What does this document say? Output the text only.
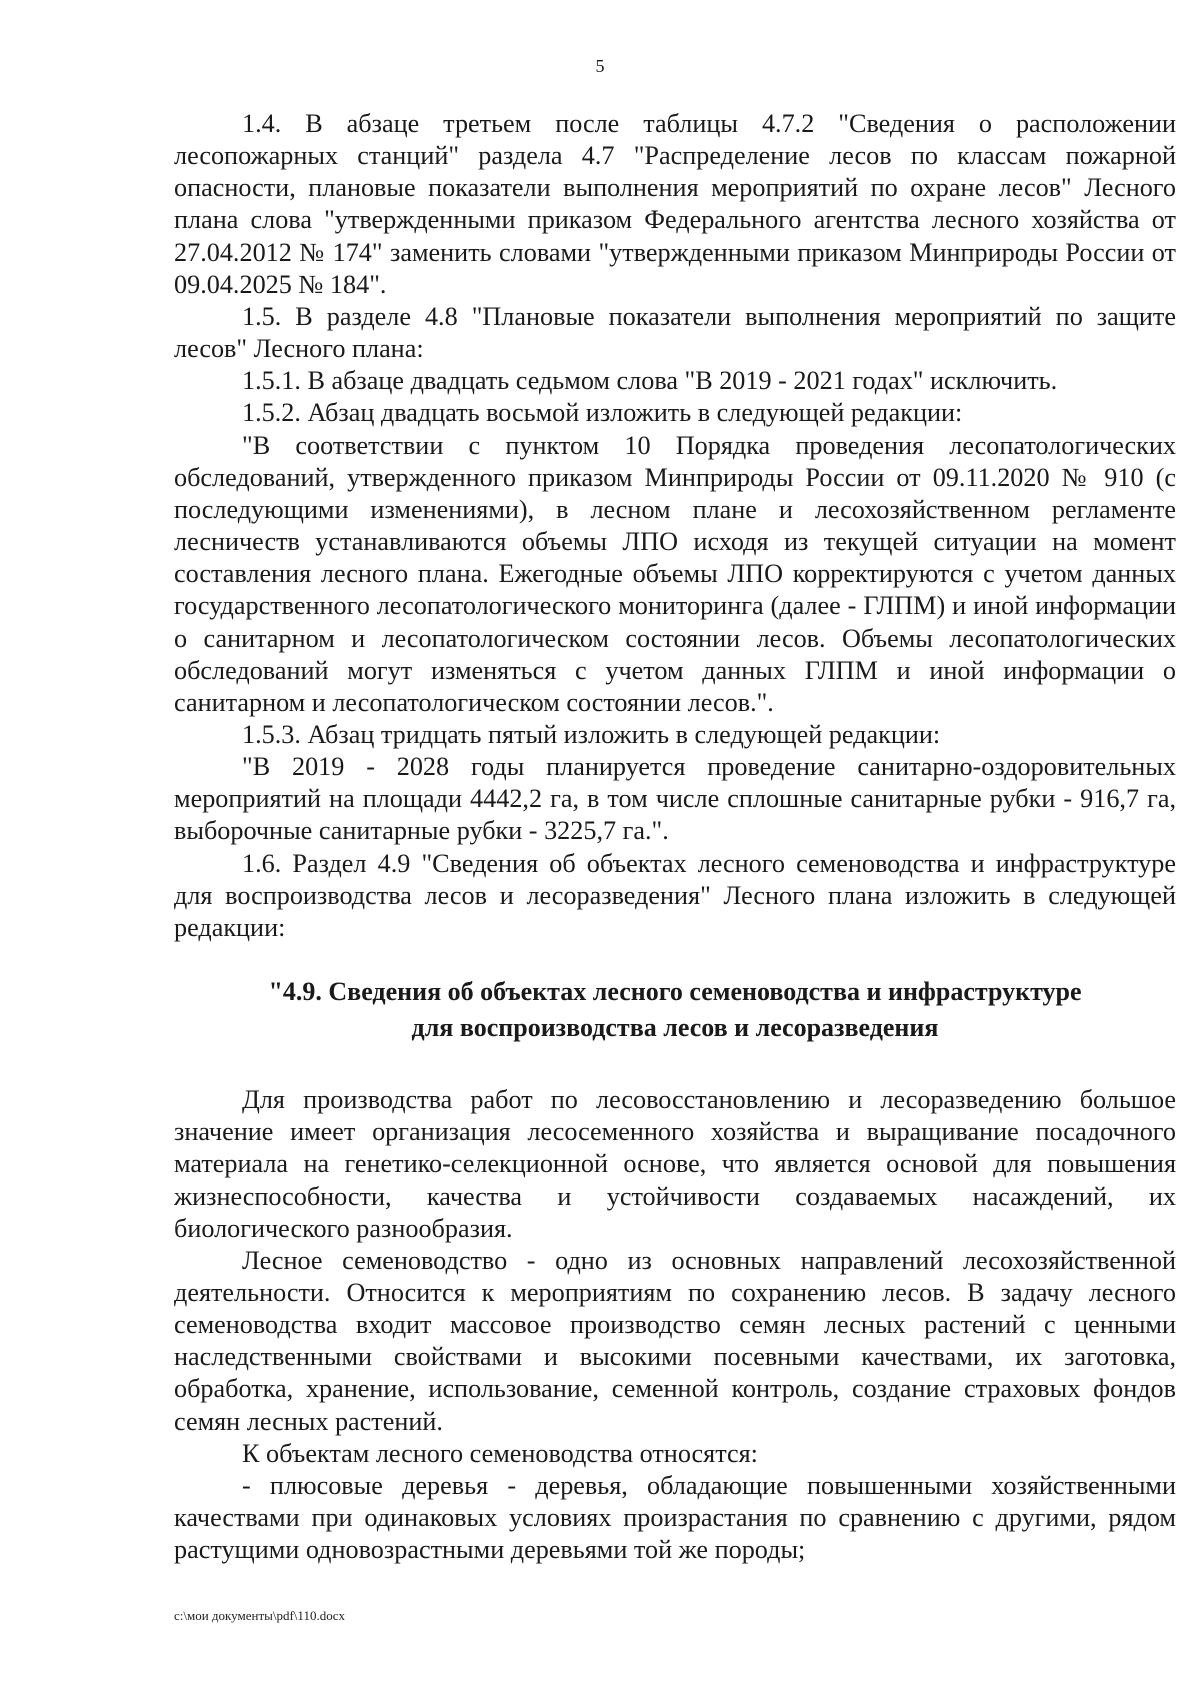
5

1.4. В абзаце третьем после таблицы 4.7.2 "Сведения о расположении лесопожарных станций" раздела 4.7 "Распределение лесов по классам пожарной опасности, плановые показатели выполнения мероприятий по охране лесов" Лесного плана слова "утвержденными приказом Федерального агентства лесного хозяйства от 27.04.2012 № 174" заменить словами "утвержденными приказом Минприроды России от 09.04.2025 № 184".

1.5. В разделе 4.8 "Плановые показатели выполнения мероприятий по защите лесов" Лесного плана:

1.5.1. В абзаце двадцать седьмом слова "В 2019 - 2021 годах" исключить.

1.5.2. Абзац двадцать восьмой изложить в следующей редакции:

"В соответствии с пунктом 10 Порядка проведения лесопатологических обследований, утвержденного приказом Минприроды России от 09.11.2020 № 910 (с последующими изменениями), в лесном плане и лесохозяйственном регламенте лесничеств устанавливаются объемы ЛПО исходя из текущей ситуации на момент составления лесного плана. Ежегодные объемы ЛПО корректируются с учетом данных государственного лесопатологического мониторинга (далее - ГЛПМ) и иной информации о санитарном и лесопатологическом состоянии лесов. Объемы лесопатологических обследований могут изменяться с учетом данных ГЛПМ и иной информации о санитарном и лесопатологическом состоянии лесов.".

1.5.3. Абзац тридцать пятый изложить в следующей редакции:

"В 2019 - 2028 годы планируется проведение санитарно-оздоровительных мероприятий на площади 4442,2 га, в том числе сплошные санитарные рубки - 916,7 га, выборочные санитарные рубки - 3225,7 га.".

1.6. Раздел 4.9 "Сведения об объектах лесного семеноводства и инфраструктуре для воспроизводства лесов и лесоразведения" Лесного плана изложить в следующей редакции:

"4.9. Сведения об объектах лесного семеноводства и инфраструктуре
для воспроизводства лесов и лесоразведения

Для производства работ по лесовосстановлению и лесоразведению большое значение имеет организация лесосеменного хозяйства и выращивание посадочного материала на генетико-селекционной основе, что является основой для повышения жизнеспособности, качества и устойчивости создаваемых насаждений, их биологического разнообразия.

Лесное семеноводство - одно из основных направлений лесохозяйственной деятельности. Относится к мероприятиям по сохранению лесов. В задачу лесного семеноводства входит массовое производство семян лесных растений с ценными наследственными свойствами и высокими посевными качествами, их заготовка, обработка, хранение, использование, семенной контроль, создание страховых фондов семян лесных растений.

К объектам лесного семеноводства относятся:

- плюсовые деревья - деревья, обладающие повышенными хозяйственными качествами при одинаковых условиях произрастания по сравнению с другими, рядом растущими одновозрастными деревьями той же породы;

c:\мои документы\pdf\110.docx
